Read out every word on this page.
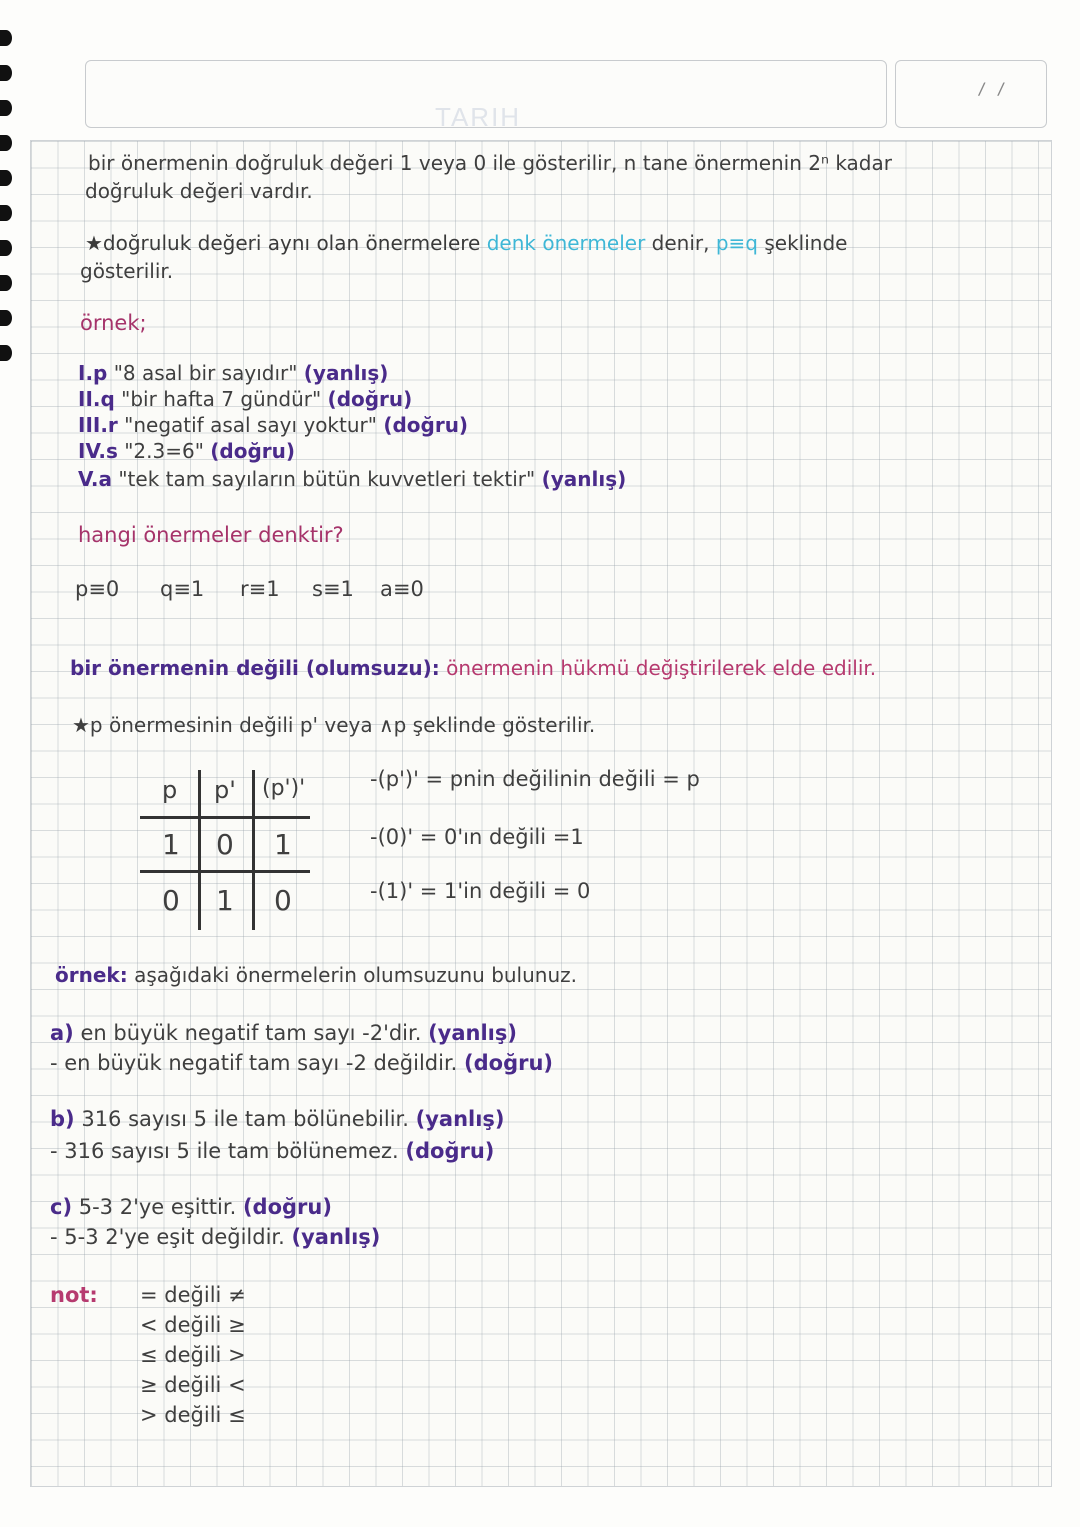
/ /
TARIH
bir önermenin doğruluk değeri 1 veya 0 ile gösterilir, n tane önermenin 2ⁿ kadar
doğruluk değeri vardır.
★doğruluk değeri aynı olan önermelere denk önermeler denir, p≡q şeklinde
gösterilir.
örnek;
I.p "8 asal bir sayıdır" (yanlış)
II.q "bir hafta 7 gündür" (doğru)
III.r "negatif asal sayı yoktur" (doğru)
IV.s "2.3=6" (doğru)
V.a "tek tam sayıların bütün kuvvetleri tektir" (yanlış)
hangi önermeler denktir?
p≡0 q≡1 r≡1 s≡1 a≡0
bir önermenin değili (olumsuzu): önermenin hükmü değiştirilerek elde edilir.
★p önermesinin değili p' veya ∧p şeklinde gösterilir.
p p' (p')'
1 0 1
0 1 0
-(p')' = pnin değilinin değili = p
-(0)' = 0'ın değili =1
-(1)' = 1'in değili = 0
örnek: aşağıdaki önermelerin olumsuzunu bulunuz.
a) en büyük negatif tam sayı -2'dir. (yanlış)
- en büyük negatif tam sayı -2 değildir. (doğru)
b) 316 sayısı 5 ile tam bölünebilir. (yanlış)
- 316 sayısı 5 ile tam bölünemez. (doğru)
c) 5-3 2'ye eşittir. (doğru)
- 5-3 2'ye eşit değildir. (yanlış)
not: = değili ≠
< değili ≥
≤ değili >
≥ değili <
> değili ≤
